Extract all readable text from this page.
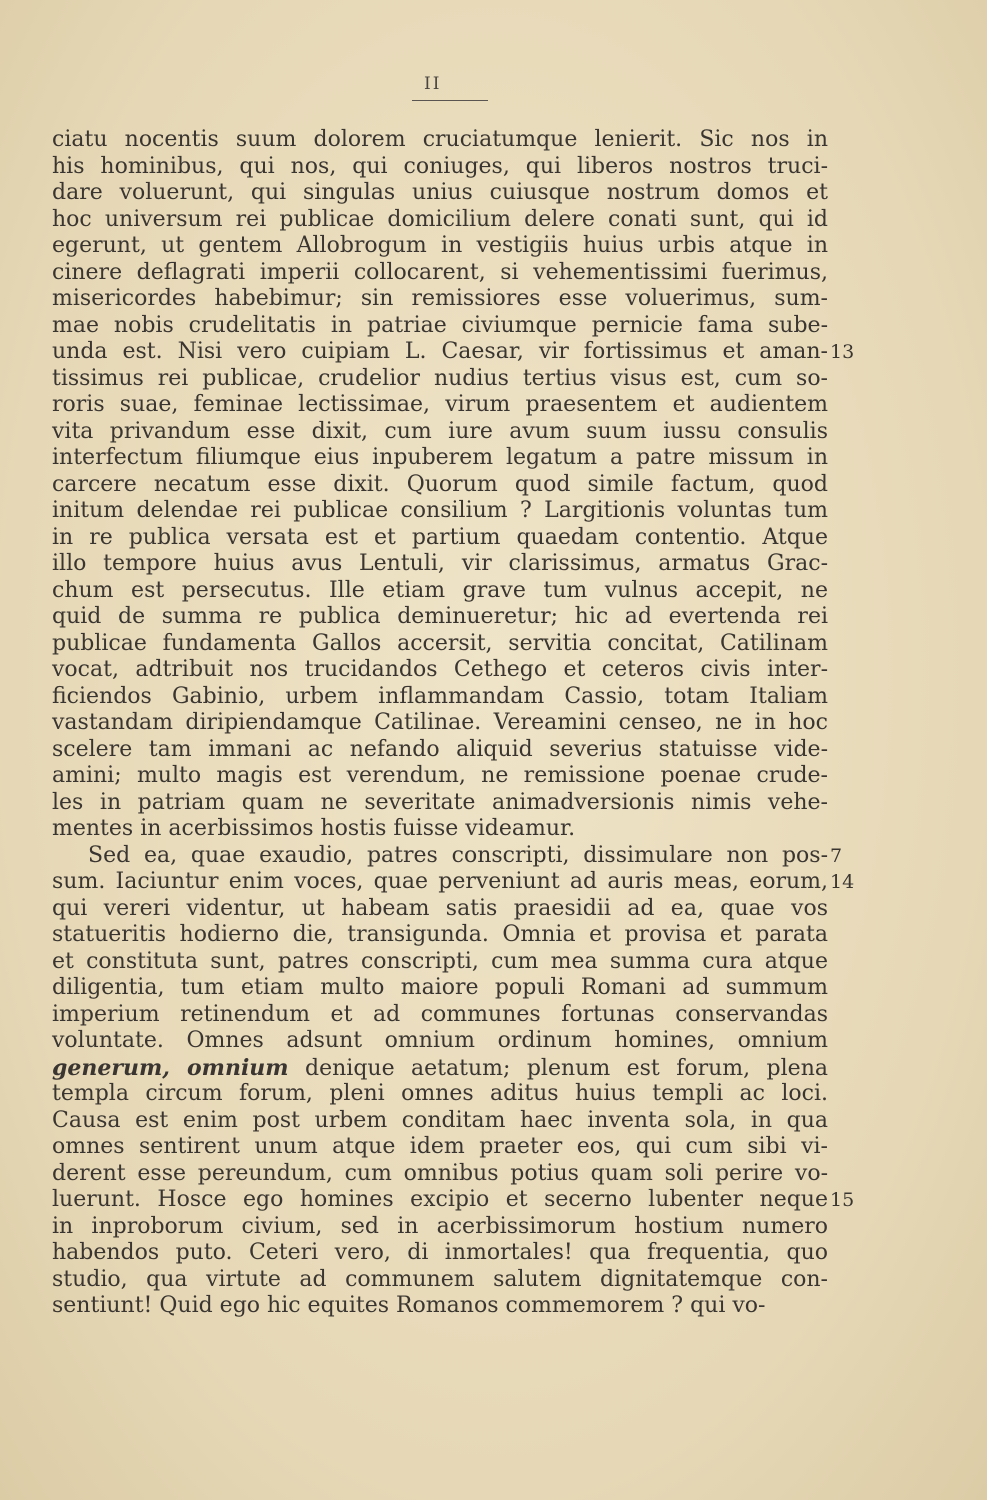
II
ciatu nocentis suum dolorem cruciatumque lenierit. Sic nos in
his hominibus, qui nos, qui coniuges, qui liberos nostros truci-
dare voluerunt, qui singulas unius cuiusque nostrum domos et
hoc universum rei publicae domicilium delere conati sunt, qui id
egerunt, ut gentem Allobrogum in vestigiis huius urbis atque in
cinere deflagrati imperii collocarent, si vehementissimi fuerimus,
misericordes habebimur; sin remissiores esse voluerimus, sum-
mae nobis crudelitatis in patriae civiumque pernicie fama sube-
unda est. Nisi vero cuipiam L. Caesar, vir fortissimus et aman- 13
tissimus rei publicae, crudelior nudius tertius visus est, cum so-
roris suae, feminae lectissimae, virum praesentem et audientem
vita privandum esse dixit, cum iure avum suum iussu consulis
interfectum filiumque eius inpuberem legatum a patre missum in
carcere necatum esse dixit. Quorum quod simile factum, quod
initum delendae rei publicae consilium ? Largitionis voluntas tum
in re publica versata est et partium quaedam contentio. Atque
illo tempore huius avus Lentuli, vir clarissimus, armatus Grac-
chum est persecutus. Ille etiam grave tum vulnus accepit, ne
quid de summa re publica deminueretur; hic ad evertenda rei
publicae fundamenta Gallos accersit, servitia concitat, Catilinam
vocat, adtribuit nos trucidandos Cethego et ceteros civis inter-
ficiendos Gabinio, urbem inflammandam Cassio, totam Italiam
vastandam diripiendamque Catilinae. Vereamini censeo, ne in hoc
scelere tam immani ac nefando aliquid severius statuisse vide-
amini; multo magis est verendum, ne remissione poenae crude-
les in patriam quam ne severitate animadversionis nimis vehe-
mentes in acerbissimos hostis fuisse videamur.
Sed ea, quae exaudio, patres conscripti, dissimulare non pos- 7
sum. Iaciuntur enim voces, quae perveniunt ad auris meas, eorum, 14
qui vereri videntur, ut habeam satis praesidii ad ea, quae vos
statueritis hodierno die, transigunda. Omnia et provisa et parata
et constituta sunt, patres conscripti, cum mea summa cura atque
diligentia, tum etiam multo maiore populi Romani ad summum
imperium retinendum et ad communes fortunas conservandas
voluntate. Omnes adsunt omnium ordinum homines, omnium
generum, omnium denique aetatum; plenum est forum, plena
templa circum forum, pleni omnes aditus huius templi ac loci.
Causa est enim post urbem conditam haec inventa sola, in qua
omnes sentirent unum atque idem praeter eos, qui cum sibi vi-
derent esse pereundum, cum omnibus potius quam soli perire vo-
luerunt. Hosce ego homines excipio et secerno lubenter neque 15
in inproborum civium, sed in acerbissimorum hostium numero
habendos puto. Ceteri vero, di inmortales! qua frequentia, quo
studio, qua virtute ad communem salutem dignitatemque con-
sentiunt! Quid ego hic equites Romanos commemorem ? qui vo-
